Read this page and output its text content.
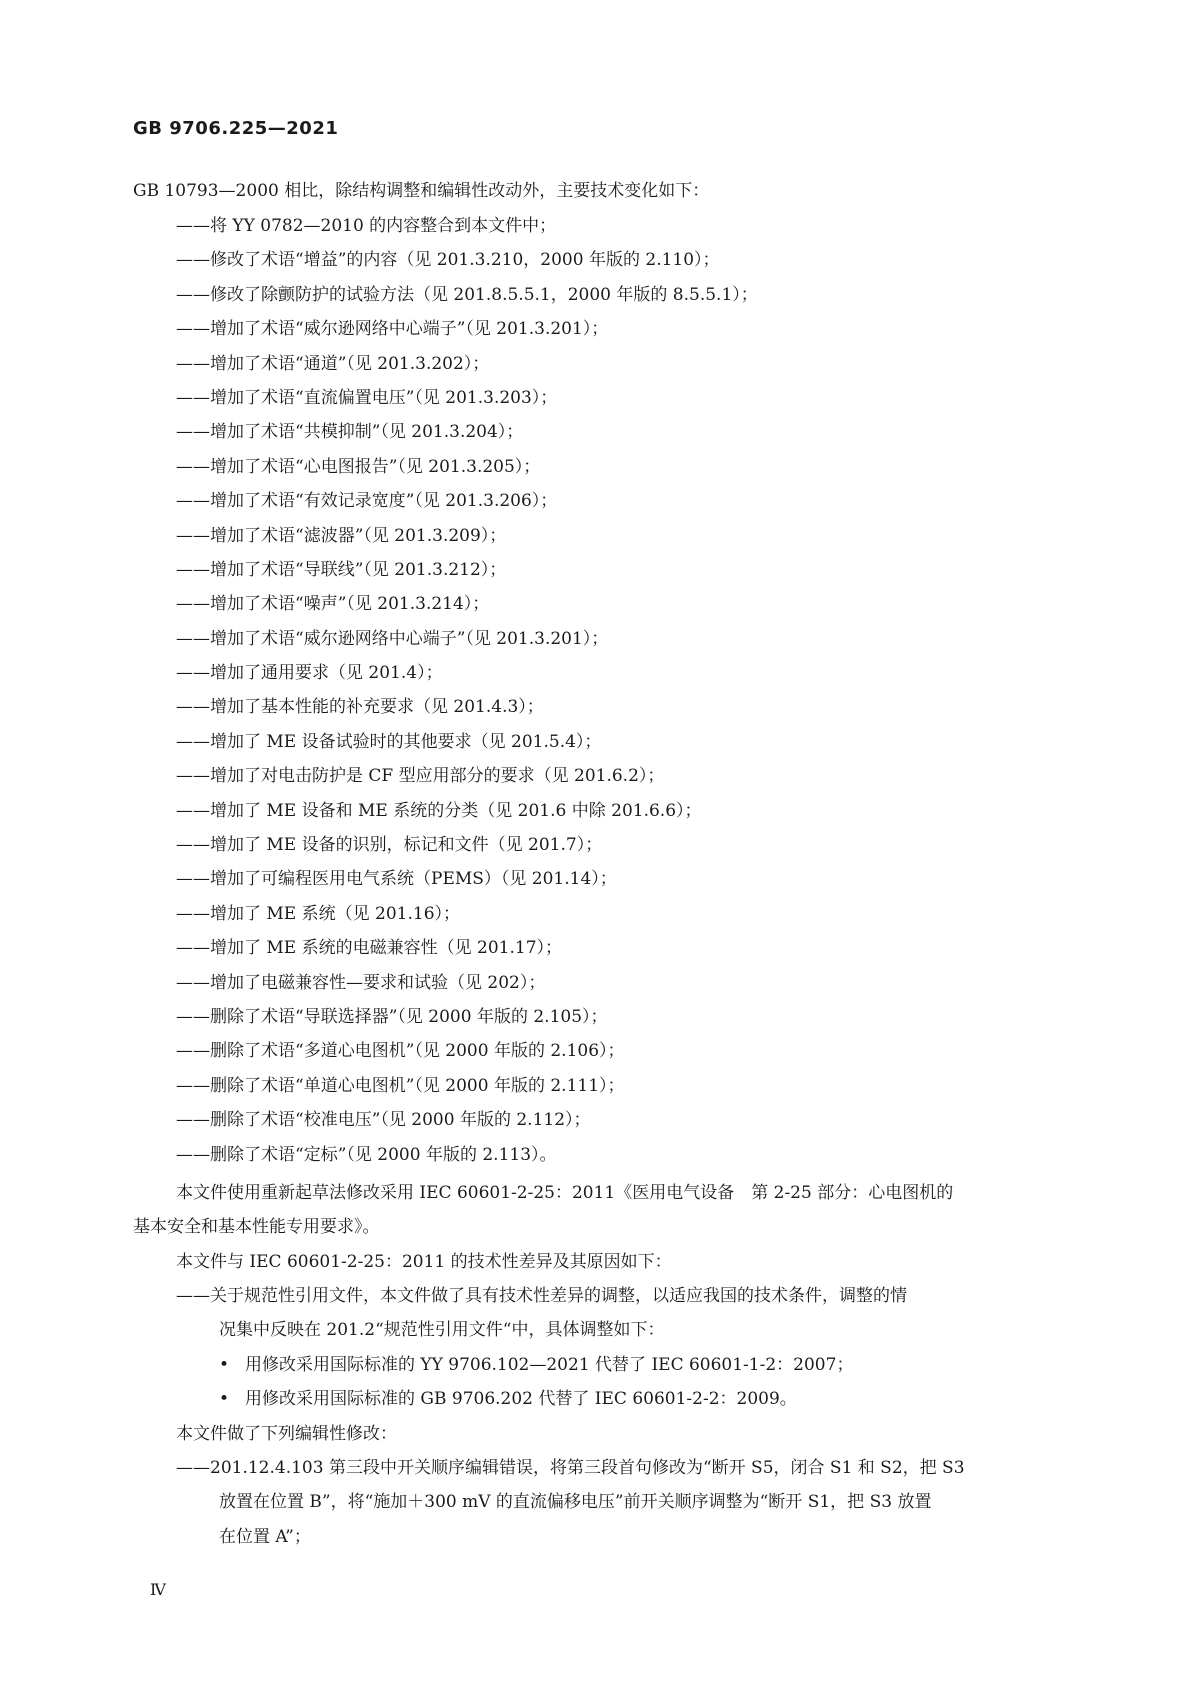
GB 9706.225—2021
GB 10793—2000 相比，除结构调整和编辑性改动外，主要技术变化如下：
——将 YY 0782—2010 的内容整合到本文件中；
——修改了术语“增益”的内容（见 201.3.210，2000 年版的 2.110）；
——修改了除颤防护的试验方法（见 201.8.5.5.1，2000 年版的 8.5.5.1）；
——增加了术语“威尔逊网络中心端子”（见 201.3.201）；
——增加了术语“通道”（见 201.3.202）；
——增加了术语“直流偏置电压”（见 201.3.203）；
——增加了术语“共模抑制”（见 201.3.204）；
——增加了术语“心电图报告”（见 201.3.205）；
——增加了术语“有效记录宽度”（见 201.3.206）；
——增加了术语“滤波器”（见 201.3.209）；
——增加了术语“导联线”（见 201.3.212）；
——增加了术语“噪声”（见 201.3.214）；
——增加了术语“威尔逊网络中心端子”（见 201.3.201）；
——增加了通用要求（见 201.4）；
——增加了基本性能的补充要求（见 201.4.3）；
——增加了 ME 设备试验时的其他要求（见 201.5.4）；
——增加了对电击防护是 CF 型应用部分的要求（见 201.6.2）；
——增加了 ME 设备和 ME 系统的分类（见 201.6 中除 201.6.6）；
——增加了 ME 设备的识别，标记和文件（见 201.7）；
——增加了可编程医用电气系统（PEMS）（见 201.14）；
——增加了 ME 系统（见 201.16）；
——增加了 ME 系统的电磁兼容性（见 201.17）；
——增加了电磁兼容性—要求和试验（见 202）；
——删除了术语“导联选择器”（见 2000 年版的 2.105）；
——删除了术语“多道心电图机”（见 2000 年版的 2.106）；
——删除了术语“单道心电图机”（见 2000 年版的 2.111）；
——删除了术语“校准电压”（见 2000 年版的 2.112）；
——删除了术语“定标”（见 2000 年版的 2.113）。
本文件使用重新起草法修改采用 IEC 60601-2-25：2011《医用电气设备　第 2-25 部分：心电图机的
基本安全和基本性能专用要求》。
本文件与 IEC 60601-2-25：2011 的技术性差异及其原因如下：
——关于规范性引用文件，本文件做了具有技术性差异的调整，以适应我国的技术条件，调整的情
况集中反映在 201.2“规范性引用文件“中，具体调整如下：
• 用修改采用国际标准的 YY 9706.102—2021 代替了 IEC 60601-1-2：2007；
• 用修改采用国际标准的 GB 9706.202 代替了 IEC 60601-2-2：2009。
本文件做了下列编辑性修改：
——201.12.4.103 第三段中开关顺序编辑错误，将第三段首句修改为“断开 S5，闭合 S1 和 S2，把 S3
放置在位置 B”，将“施加＋300 mV 的直流偏移电压”前开关顺序调整为“断开 S1，把 S3 放置
在位置 A”；
Ⅳ
